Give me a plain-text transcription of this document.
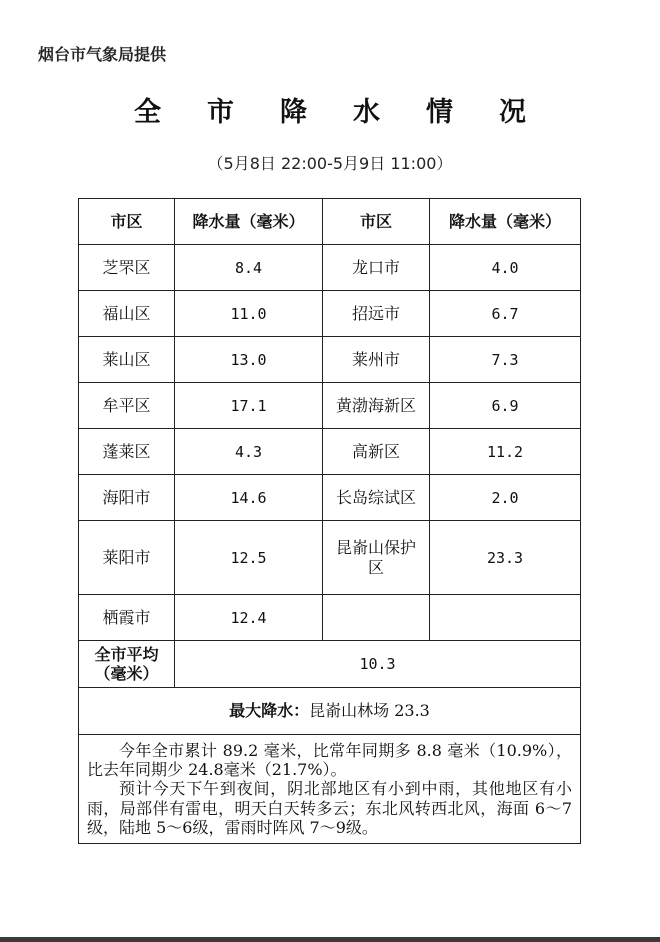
烟台市气象局提供
全市降水情况
（5月8日 22:00-5月9日 11:00）
市区	降水量（毫米）	市区	降水量（毫米）
芝罘区	8.4	龙口市	4.0
福山区	11.0	招远市	6.7
莱山区	13.0	莱州市	7.3
牟平区	17.1	黄渤海新区	6.9
蓬莱区	4.3	高新区	11.2
海阳市	14.6	长岛综试区	2.0
莱阳市	12.5	昆嵛山保护区	23.3
栖霞市	12.4		
全市平均（毫米）	10.3		
最大降水：昆嵛山林场 23.3			

今年全市累计 89.2 毫米，比常年同期多 8.8 毫米（10.9%），比去年同期少 24.8毫米（21.7%）。

预计今天下午到夜间，阴北部地区有小到中雨，其他地区有小雨，局部伴有雷电，明天白天转多云；东北风转西北风，海面 6～7级，陆地 5～6级，雷雨时阵风 7～9级。			
